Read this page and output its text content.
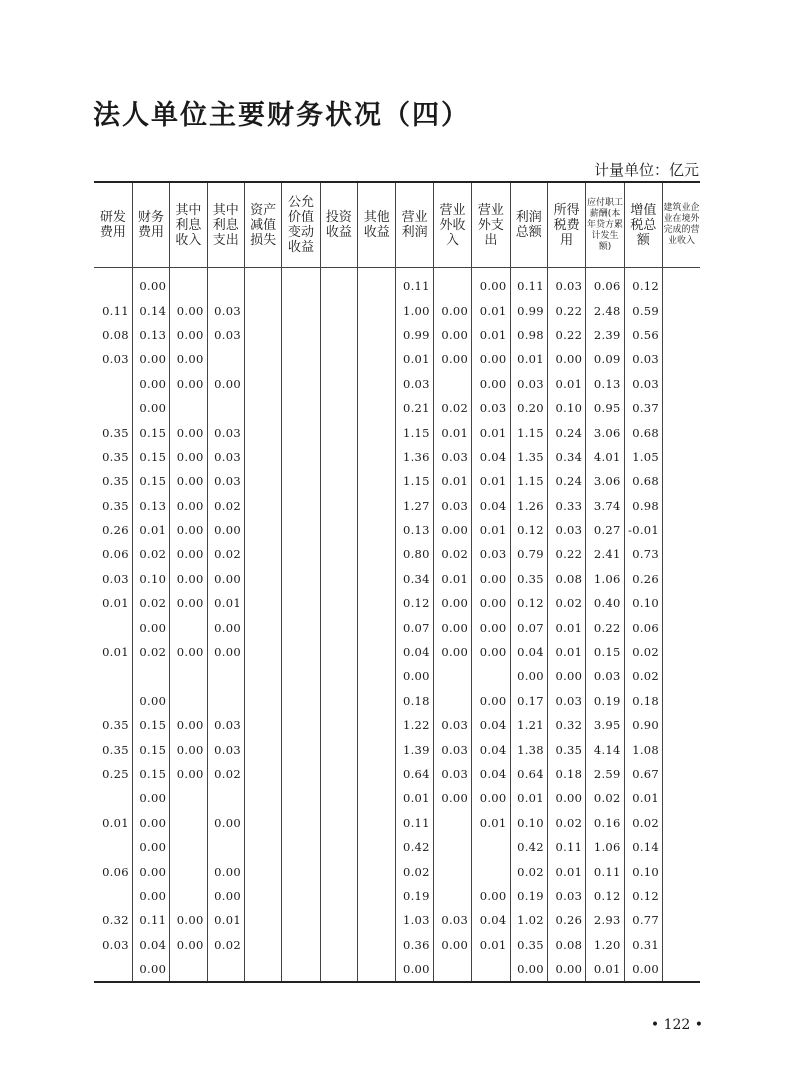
法人单位主要财务状况（四）
计量单位：亿元
研发费用	财务费用	其中利息收入	其中利息支出	资产减值损失	公允价值变动收益	投资收益	其他收益	营业利润	营业外收入	营业外支出	利润总额	所得税费用	应付职工薪酬(本年贷方累计发生额)	增值税总额	建筑业企业在境外完成的营业收入

	0.00							0.11		0.00	0.11	0.03	0.06	0.12	
0.11	0.14	0.00	0.03					1.00	0.00	0.01	0.99	0.22	2.48	0.59	
0.08	0.13	0.00	0.03					0.99	0.00	0.01	0.98	0.22	2.39	0.56	
0.03	0.00	0.00						0.01	0.00	0.00	0.01	0.00	0.09	0.03	
	0.00	0.00	0.00					0.03		0.00	0.03	0.01	0.13	0.03	
	0.00							0.21	0.02	0.03	0.20	0.10	0.95	0.37	
0.35	0.15	0.00	0.03					1.15	0.01	0.01	1.15	0.24	3.06	0.68	
0.35	0.15	0.00	0.03					1.36	0.03	0.04	1.35	0.34	4.01	1.05	
0.35	0.15	0.00	0.03					1.15	0.01	0.01	1.15	0.24	3.06	0.68	
0.35	0.13	0.00	0.02					1.27	0.03	0.04	1.26	0.33	3.74	0.98	
0.26	0.01	0.00	0.00					0.13	0.00	0.01	0.12	0.03	0.27	-0.01	
0.06	0.02	0.00	0.02					0.80	0.02	0.03	0.79	0.22	2.41	0.73	
0.03	0.10	0.00	0.00					0.34	0.01	0.00	0.35	0.08	1.06	0.26	
0.01	0.02	0.00	0.01					0.12	0.00	0.00	0.12	0.02	0.40	0.10	
	0.00		0.00					0.07	0.00	0.00	0.07	0.01	0.22	0.06	
0.01	0.02	0.00	0.00					0.04	0.00	0.00	0.04	0.01	0.15	0.02	
								0.00			0.00	0.00	0.03	0.02	
	0.00							0.18		0.00	0.17	0.03	0.19	0.18	
0.35	0.15	0.00	0.03					1.22	0.03	0.04	1.21	0.32	3.95	0.90	
0.35	0.15	0.00	0.03					1.39	0.03	0.04	1.38	0.35	4.14	1.08	
0.25	0.15	0.00	0.02					0.64	0.03	0.04	0.64	0.18	2.59	0.67	
	0.00							0.01	0.00	0.00	0.01	0.00	0.02	0.01	
0.01	0.00		0.00					0.11		0.01	0.10	0.02	0.16	0.02	
	0.00							0.42			0.42	0.11	1.06	0.14	
0.06	0.00		0.00					0.02			0.02	0.01	0.11	0.10	
	0.00		0.00					0.19		0.00	0.19	0.03	0.12	0.12	
0.32	0.11	0.00	0.01					1.03	0.03	0.04	1.02	0.26	2.93	0.77	
0.03	0.04	0.00	0.02					0.36	0.00	0.01	0.35	0.08	1.20	0.31	
	0.00							0.00			0.00	0.00	0.01	0.00	
• 122 •
